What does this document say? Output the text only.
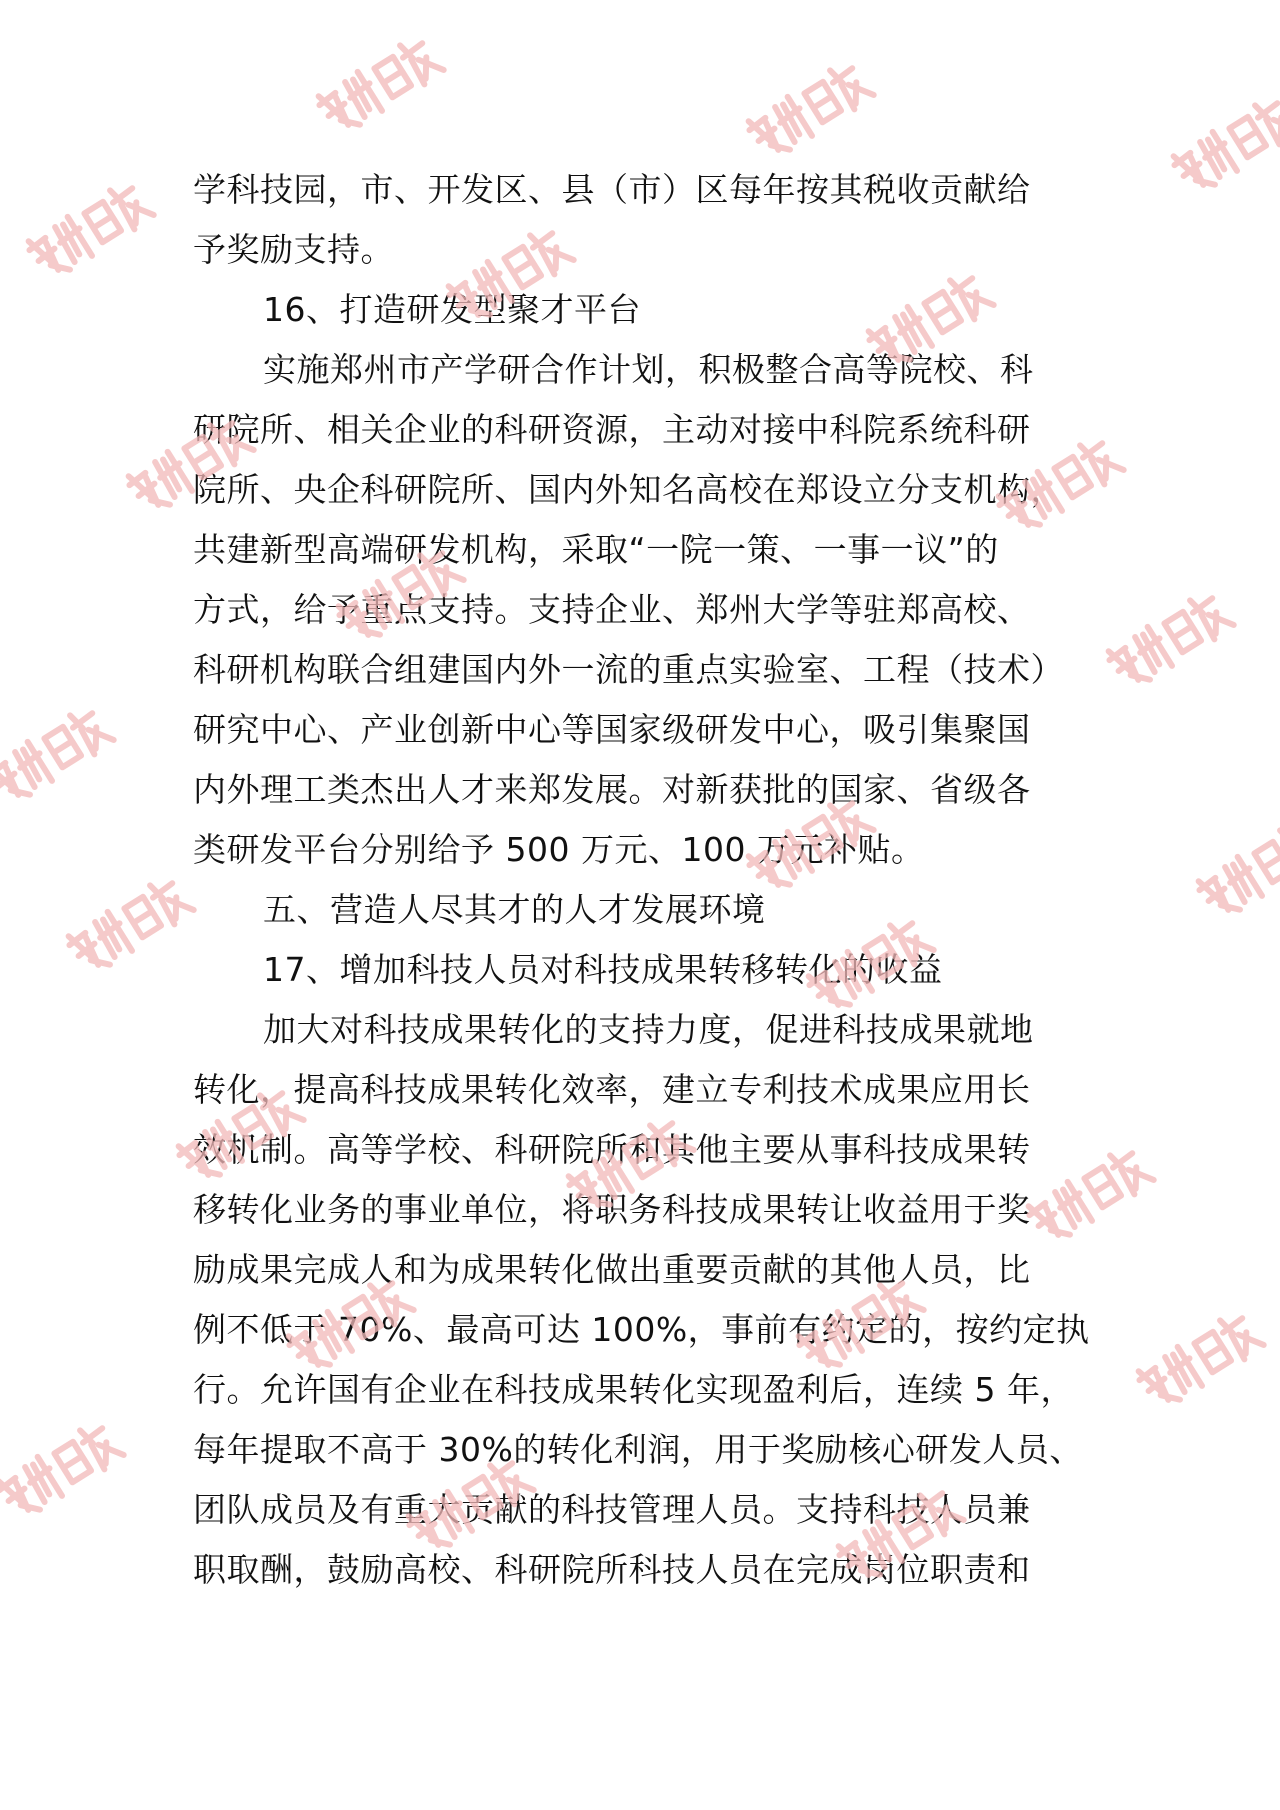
学科技园，市、开发区、县（市）区每年按其税收贡献给
予奖励支持。
16、打造研发型聚才平台
实施郑州市产学研合作计划，积极整合高等院校、科
研院所、相关企业的科研资源，主动对接中科院系统科研
院所、央企科研院所、国内外知名高校在郑设立分支机构，
共建新型高端研发机构，采取“一院一策、一事一议”的
方式，给予重点支持。支持企业、郑州大学等驻郑高校、
科研机构联合组建国内外一流的重点实验室、工程（技术）
研究中心、产业创新中心等国家级研发中心，吸引集聚国
内外理工类杰出人才来郑发展。对新获批的国家、省级各
类研发平台分别给予 500 万元、100 万元补贴。
五、营造人尽其才的人才发展环境
17、增加科技人员对科技成果转移转化的收益
加大对科技成果转化的支持力度，促进科技成果就地
转化，提高科技成果转化效率，建立专利技术成果应用长
效机制。高等学校、科研院所和其他主要从事科技成果转
移转化业务的事业单位，将职务科技成果转让收益用于奖
励成果完成人和为成果转化做出重要贡献的其他人员，比
例不低于 70%、最高可达 100%，事前有约定的，按约定执
行。允许国有企业在科技成果转化实现盈利后，连续 5 年，
每年提取不高于 30%的转化利润，用于奖励核心研发人员、
团队成员及有重大贡献的科技管理人员。支持科技人员兼
职取酬，鼓励高校、科研院所科技人员在完成岗位职责和
